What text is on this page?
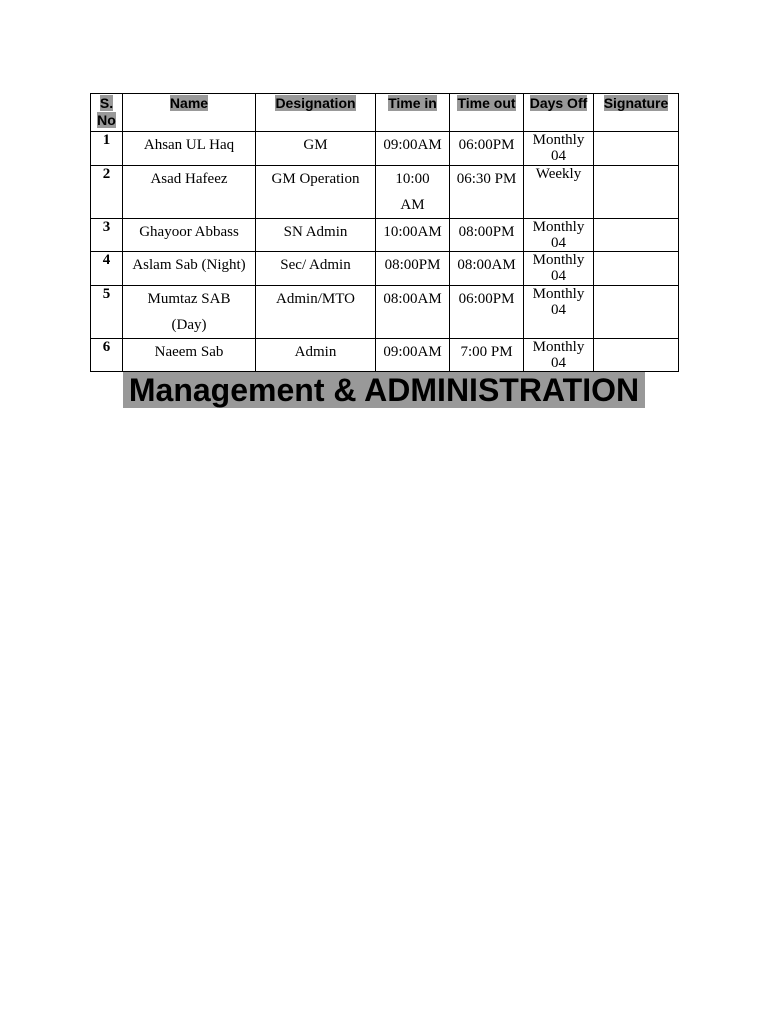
S. No	Name	Designation	Time in	Time out	Days Off	Signature
1	Ahsan UL Haq	GM	09:00AM	06:00PM	Monthly 04	
2	Asad Hafeez	GM Operation	10:00 AM	06:30 PM	Weekly	
3	Ghayoor Abbass	SN Admin	10:00AM	08:00PM	Monthly 04	
4	Aslam Sab (Night)	Sec/ Admin	08:00PM	08:00AM	Monthly 04	
5	Mumtaz SAB (Day)	Admin/MTO	08:00AM	06:00PM	Monthly 04	
6	Naeem Sab	Admin	09:00AM	7:00 PM	Monthly 04	
Management & ADMINISTRATION
